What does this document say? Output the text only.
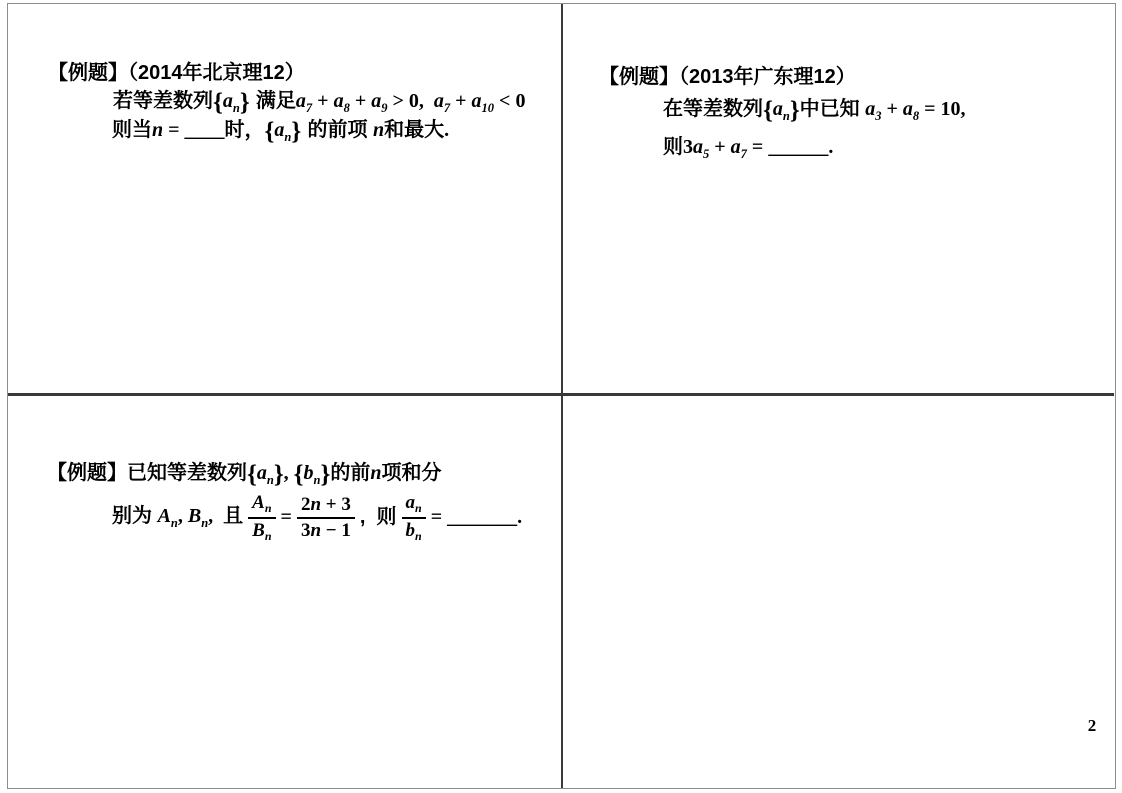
【例题】（2014年北京理12）
若等差数列$\{a_n\}$ 满足$a_7 + a_8 + a_9 > 0$,  $a_7 + a_{10} < 0$
则当n = ____时，$\{a_n\}$ 的前项 n和最大.
【例题】（2013年广东理12）
在等差数列$\{a_n\}$中已知 $a_3 + a_8 = 10$,
则$3a_5 + a_7$ = ______.
【例题】已知等差数列$\{a_n\}$, $\{b_n\}$的前n项和分
别为 $A_n$, $B_n$,  且 $\frac{A_n}{B_n} = \frac{2n + 3}{3n - 1}$ ,  则 $\frac{a_n}{b_n}$ = _______.
2
